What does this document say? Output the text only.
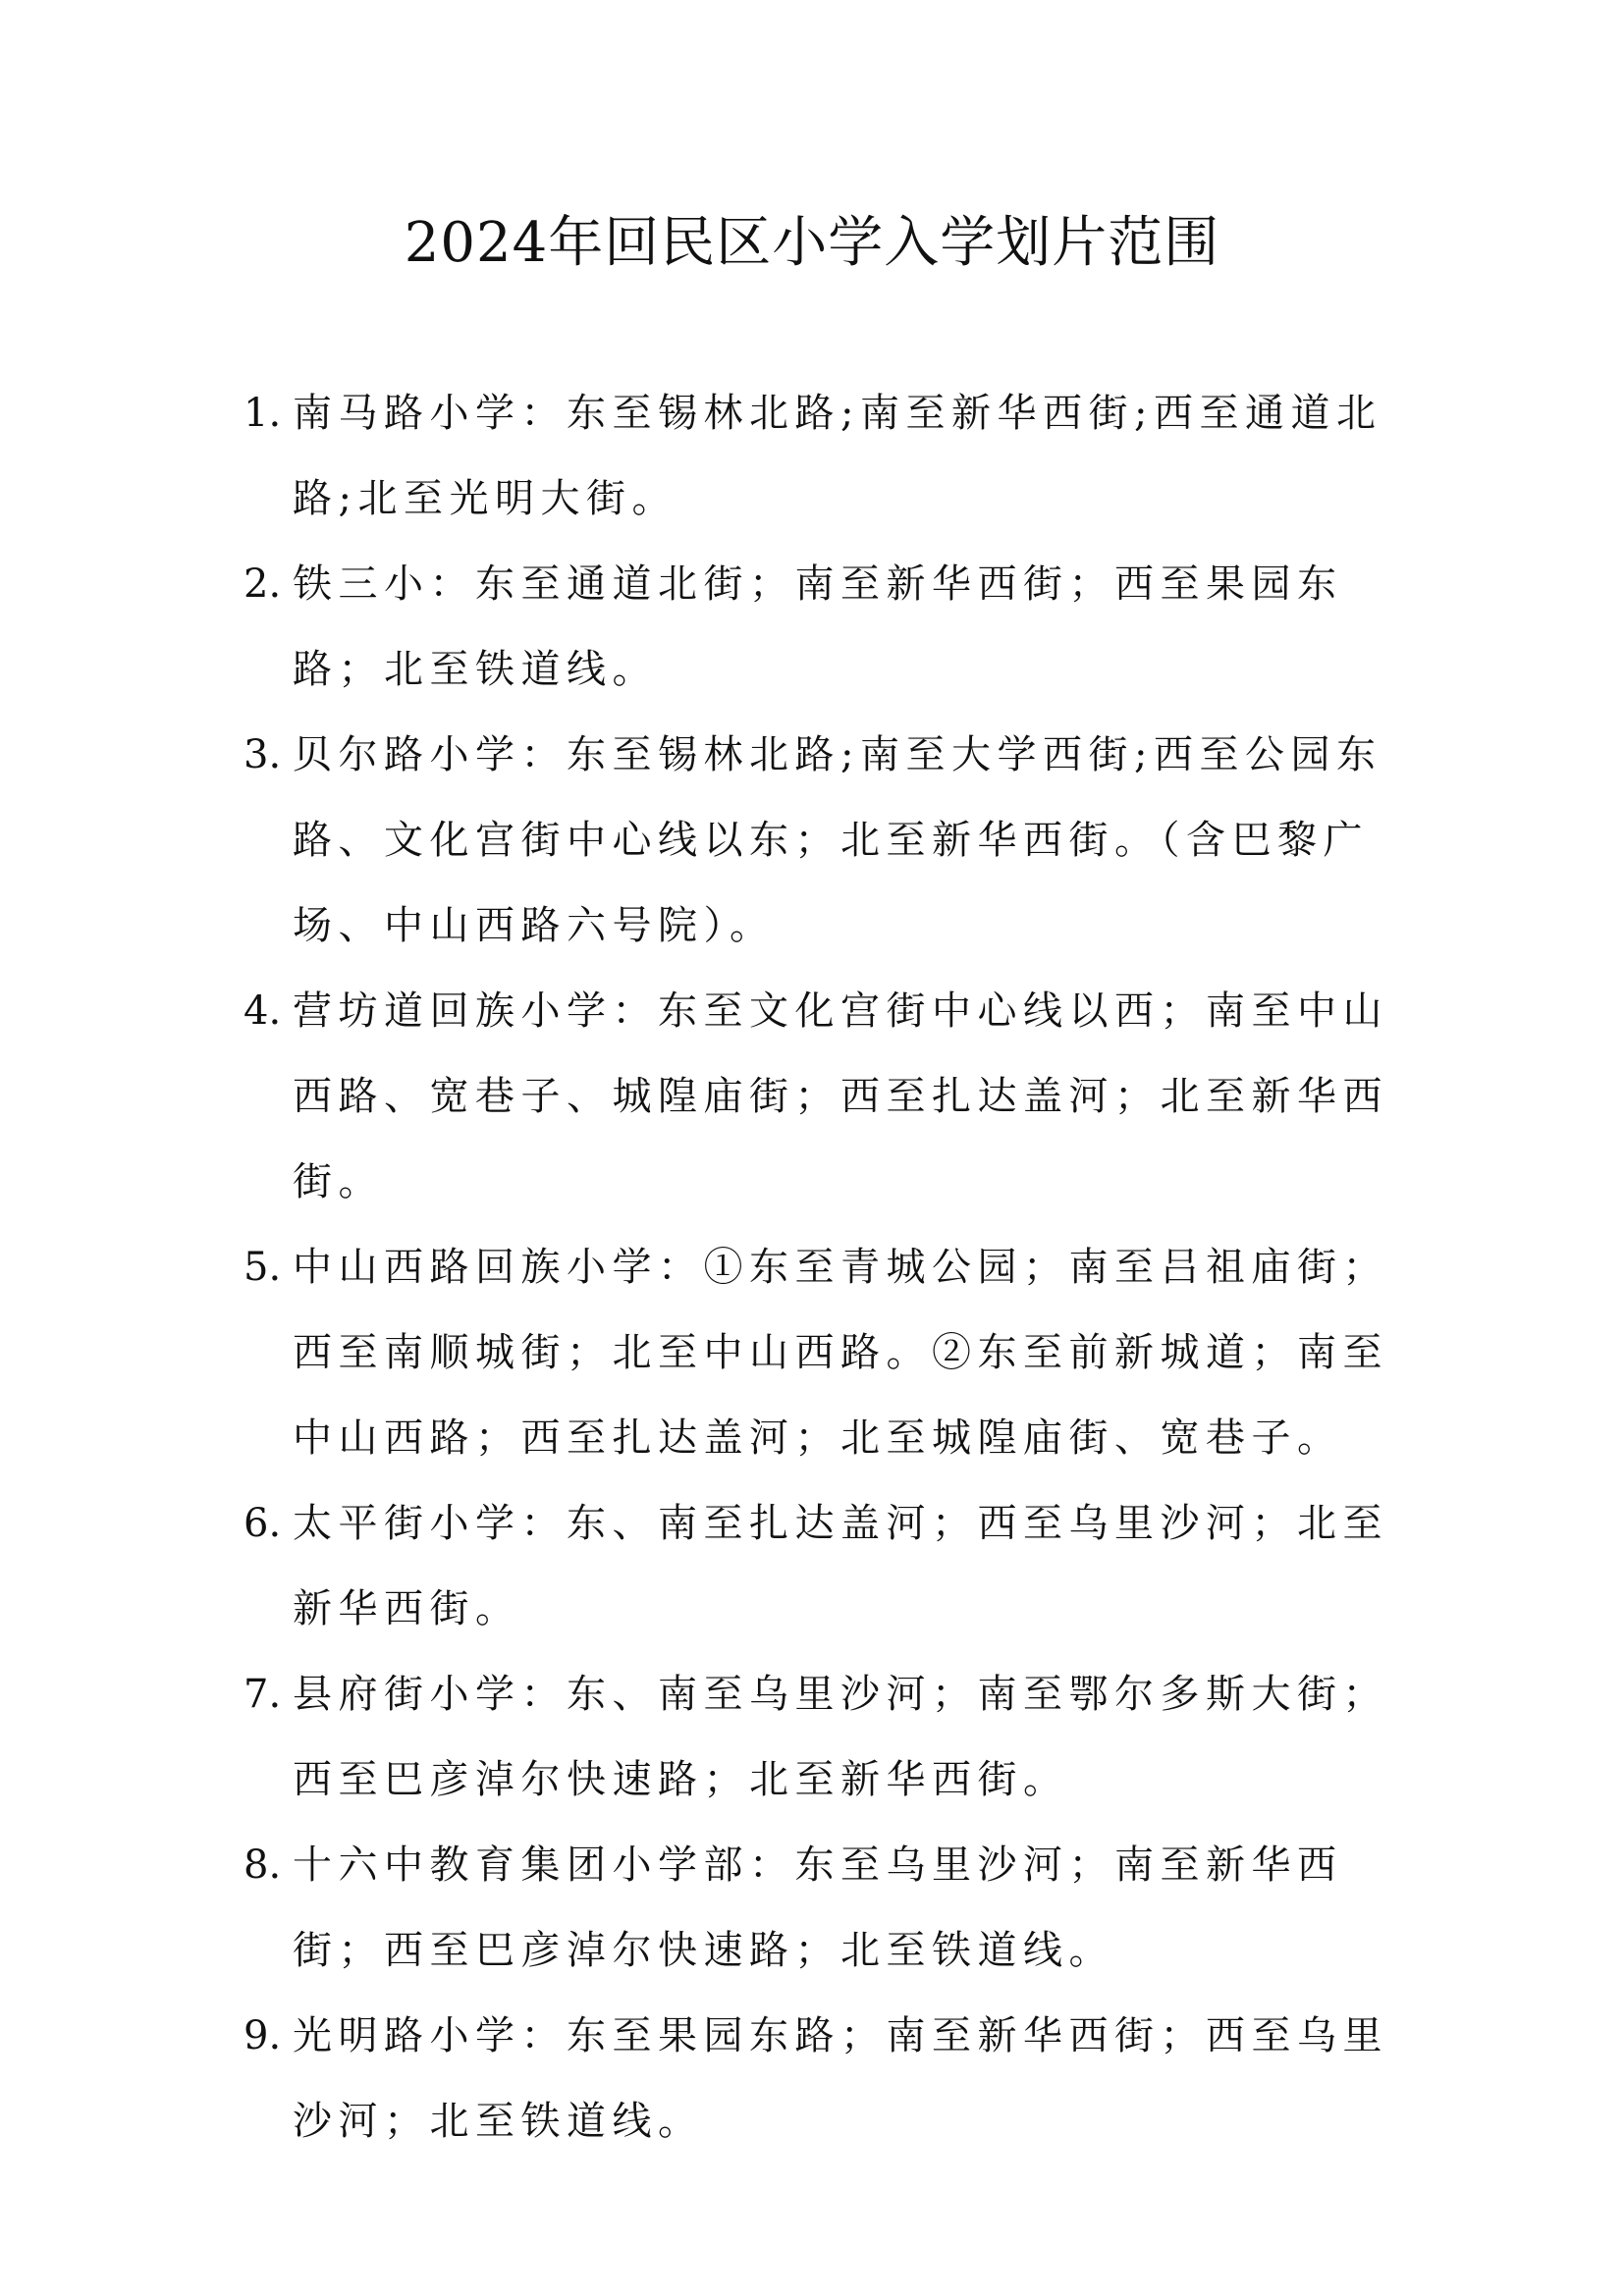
2024年回民区小学入学划片范围
1. 南马路小学：东至锡林北路;南至新华西街;西至通道北路;北至光明大街。
2. 铁三小：东至通道北街；南至新华西街；西至果园东路；北至铁道线。
3. 贝尔路小学：东至锡林北路;南至大学西街;西至公园东路、文化宫街中心线以东；北至新华西街。（含巴黎广场、中山西路六号院）。
4. 营坊道回族小学：东至文化宫街中心线以西；南至中山西路、宽巷子、城隍庙街；西至扎达盖河；北至新华西街。
5. 中山西路回族小学：①东至青城公园；南至吕祖庙街；西至南顺城街；北至中山西路。②东至前新城道；南至中山西路；西至扎达盖河；北至城隍庙街、宽巷子。
6. 太平街小学：东、南至扎达盖河；西至乌里沙河；北至新华西街。
7. 县府街小学：东、南至乌里沙河；南至鄂尔多斯大街；西至巴彦淖尔快速路；北至新华西街。
8. 十六中教育集团小学部：东至乌里沙河；南至新华西街；西至巴彦淖尔快速路；北至铁道线。
9. 光明路小学：东至果园东路；南至新华西街；西至乌里沙河；北至铁道线。
